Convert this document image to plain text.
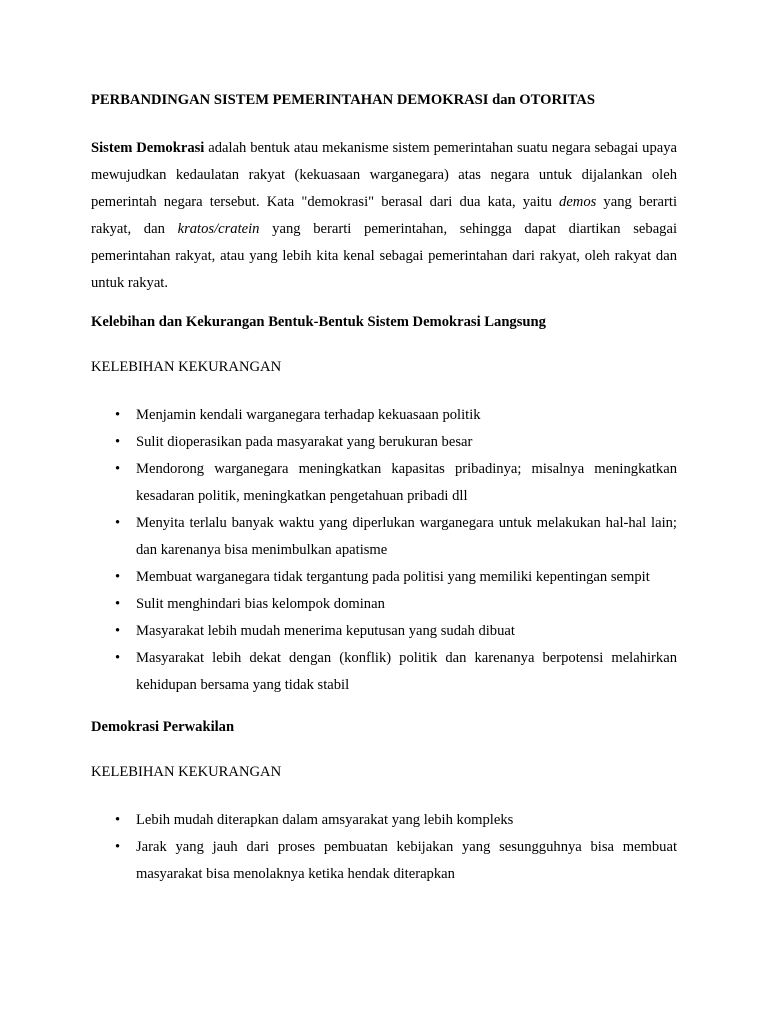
PERBANDINGAN SISTEM PEMERINTAHAN DEMOKRASI dan OTORITAS

Sistem Demokrasi adalah bentuk atau mekanisme sistem pemerintahan suatu negara sebagai upaya mewujudkan kedaulatan rakyat (kekuasaan warganegara) atas negara untuk dijalankan oleh pemerintah negara tersebut. Kata "demokrasi" berasal dari dua kata, yaitu demos yang berarti rakyat, dan kratos/cratein yang berarti pemerintahan, sehingga dapat diartikan sebagai pemerintahan rakyat, atau yang lebih kita kenal sebagai pemerintahan dari rakyat, oleh rakyat dan untuk rakyat.

Kelebihan dan Kekurangan Bentuk-Bentuk Sistem Demokrasi Langsung
KELEBIHAN KEKURANGAN
• Menjamin kendali warganegara terhadap kekuasaan politik
• Sulit dioperasikan pada masyarakat yang berukuran besar
• Mendorong warganegara meningkatkan kapasitas pribadinya; misalnya meningkatkan kesadaran politik, meningkatkan pengetahuan pribadi dll
• Menyita terlalu banyak waktu yang diperlukan warganegara untuk melakukan hal-hal lain; dan karenanya bisa menimbulkan apatisme
• Membuat warganegara tidak tergantung pada politisi yang memiliki kepentingan sempit
• Sulit menghindari bias kelompok dominan
• Masyarakat lebih mudah menerima keputusan yang sudah dibuat
• Masyarakat lebih dekat dengan (konflik) politik dan karenanya berpotensi melahirkan kehidupan bersama yang tidak stabil
Demokrasi Perwakilan
KELEBIHAN KEKURANGAN
• Lebih mudah diterapkan dalam amsyarakat yang lebih kompleks
• Jarak yang jauh dari proses pembuatan kebijakan yang sesungguhnya bisa membuat masyarakat bisa menolaknya ketika hendak diterapkan
